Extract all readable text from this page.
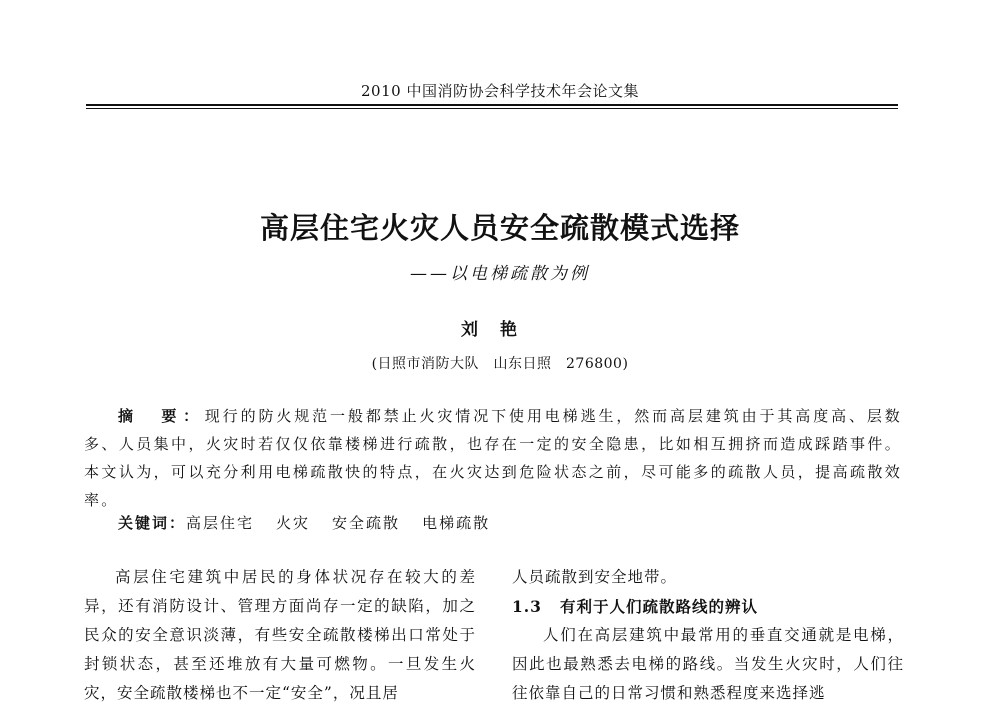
2010 中国消防协会科学技术年会论文集
高层住宅火灾人员安全疏散模式选择
——以电梯疏散为例
刘艳
(日照市消防大队　山东日照　276800)

摘　要：现行的防火规范一般都禁止火灾情况下使用电梯逃生，然而高层建筑由于其高度高、层数多、人员集中，火灾时若仅仅依靠楼梯进行疏散，也存在一定的安全隐患，比如相互拥挤而造成踩踏事件。本文认为，可以充分利用电梯疏散快的特点，在火灾达到危险状态之前，尽可能多的疏散人员，提高疏散效率。

关键词：高层住宅 火灾 安全疏散 电梯疏散

高层住宅建筑中居民的身体状况存在较大的差异，还有消防设计、管理方面尚存一定的缺陷，加之民众的安全意识淡薄，有些安全疏散楼梯出口常处于封锁状态，甚至还堆放有大量可燃物。一旦发生火灾，安全疏散楼梯也不一定“安全”，况且居

人员疏散到安全地带。
1.3 有利于人们疏散路线的辨认
人们在高层建筑中最常用的垂直交通就是电梯，因此也最熟悉去电梯的路线。当发生火灾时，人们往往依靠自己的日常习惯和熟悉程度来选择逃
